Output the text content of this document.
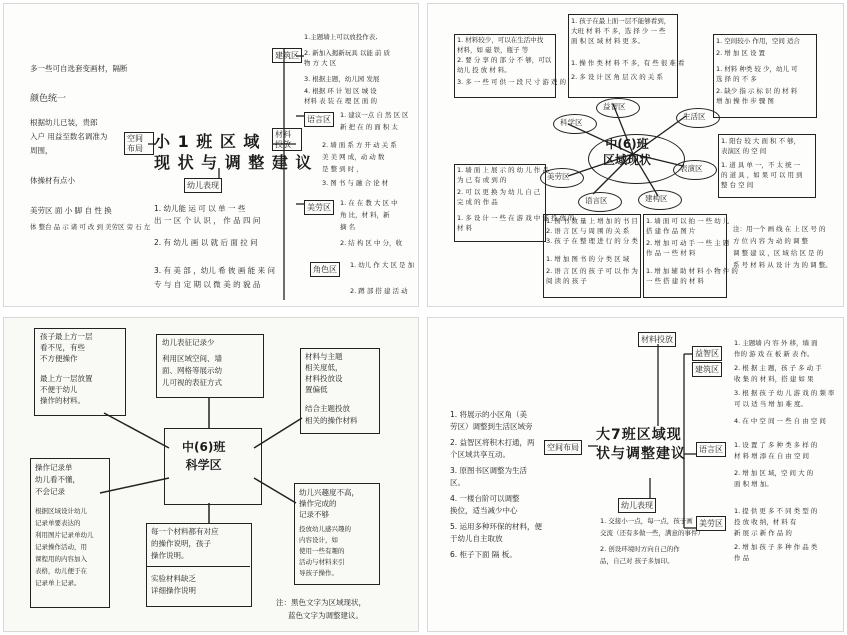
多一些可自选套变画材，隔断
颜色统一
根据幼儿已装，贵郎
入户 用益至数名调准为
周围，
体操材有点小
美劳区 面 小 脚 自 性 换
体 整台 品 示 诸 可 改 到 美劳区 旁 石 左
空间
布局 小 1 班 区 域
现 状 与 调 整 建 议
幼儿表现
1. 幼儿能 运 可 以 单 一 些
出 一 区 个 认 识 ， 作 品 四 问
2. 有 幼儿 画 以 就 后 面 拉 问
3. 有 美 部 ，幼儿 希 彼 画 能 来 问
专 与 自 定 期 以 微 美 的 貌 品
建筑区
材料
投放
语言区
美劳区
角色区
1.主题墙上可以放投作表,
2. 新加入揭新玩具 以能 前 质
物 方 大 区
3. 根据主题，幼儿园 发展
4. 根据 环 计 划 区 城 设
材料 表 装 在 理 区 面 的
1. 建议一点 自 然 区 区
新 把 在 的 面 积 太
2. 墙 面 系 方 开 动 关 系
美 美 网 成，动 动 数
是 整 到 时 ，
3. 图 书 与 融 合 论 材
1. 在 在 教 大 区 中
角 比，材 料，新
摘 名
2. 结 构 区 中 分，收
1. 幼儿 作 大 区 是 加
2. 蹲 部 搭 建 活 动
中(6)班
区域现状
科学区
益智区
生活区
表演区
建构区
语言区
美劳区
1. 材料较少，可以在生活中找
材料，如 磁 铁，瓶子 等
2. 要 分 享 的 部 分 不 够，可以
幼儿 投 放 材 料。
3. 多 一 些 可 供 一 段 尺 寸 游 戏 的
1. 孩子在最上面一层不能够看到，
大班 材 料 不 多，选 择 少 一 些
面 积 区 域 材 料 更 多。
1. 操 作 类 材 料 不 多，有 些 很 难 看
2. 多 设 计 区 角 层 次 的 关 系
1. 空间较小 作用，空间 适合
2. 增 加 区 设 置
1. 材料 种类 较 少，幼儿 可
选 择 的 不 多
2. 缺少 指 示 标 识 的 材 料
增 加 操 作 步 骤 图
1. 墙 面 上 展 示 的 幼 儿 作 品
为 已 有 或 到 的
2. 可 以 更 换 为 幼 儿 自 己
完 成 的 作 品
1. 多 设 计 一 些 在 游 戏 中 能 投 放 的
材 料
1. 阳台 较 大 面 积 不 够，
表演区 的 空 间
1. 道 具 单 一，不 太 统 一
的 道 具 ，如 果 可 以 用 到
整 台 空 间
1. 图 书 数 量 上 增 加 的 书 目
2. 语 言 区 与 周 围 的 关 系
3. 孩 子 在 整 理 进 行 的 分 类
1. 增 加 图 书 的 分 类 区 域
2. 语 言 区 的 孩 子 可 以 作 为
阅 读 的 孩 子
1. 墙 面 可 以 拍 一 些 幼 儿
搭 建 作 品 图 片
2. 增 加 可 动 手 一 些 主 题
作 品 一 些 材 料
1. 增 加 辅 助 材 料 小 物 件 的
一 些 搭 建 的 材 料
注：用一个 画 线 在 上 区 号 的
方 位 内 容 为 动 的 调 整
调 整 建 议 ，区 域 给 区 是 的
系 号 材 料 从 设 计 为 的 调 整。
中(6)班
科学区
孩子最上方一层
看不见，有些
不方便操作
最上方一层放置
不便于幼儿
操作的材料。
幼儿表征记录少
利用区域空间、墙
面、网格等展示幼
儿可视的表征方式
材料与主题
相关度低，
材料投放设
置偏低
结合主题投放
相关的操作材料
操作记录单
幼儿看不懂，
不会记录
根据区域设计幼儿
记录单要表达的
利用图片记录单幼儿
记录操作活动，用
课程用的内容加入
表格，幼儿便于在
记录单上记录。
每一个材料都有对应
的操作说明，孩子
操作说明。
实验材料缺乏
详细操作说明
幼儿兴趣度不高，
操作完成的
记录不够
投放幼儿感兴趣的
内容设计，如
使用一些有趣的
活动与材料来引
导孩子操作。
注：黑色文字为区域现状，
蓝色文字为调整建议。
材料投放
空间布局
大7班区域现
状与调整建议
幼儿表现
益智区
建筑区
语言区
美劳区
1. 将展示的小区角（美
劳区）调整到生活区域旁
2. 益智区将积木打通，两
个区域共享互动。
3. 原图书区调整为生活
区。
4. 一楼台阶可以调整
换位，适当减少中心
5. 运用多种环保的材料，便
于幼儿自主取放
6. 柜子下面 隔 板。
1. 交接小一点，每一点，孩子画
交流（还有多做一些，满意的事件）
2. 创设环境时方向自己的作
品，自己对 孩子多加印。
1. 主题墙 内 容 外 移，墙 面
作的 游 戏 在 板 新 表 作。
2. 根 据 主 题，孩 子 多 动 手
收 集 的 材 料，搭 建 如 果
3. 根 据 孩 子 幼 儿 游 戏 的 频 率
可 以 适 当 增 加 难 度。
4. 在 中 空 间 一 些 自 由 空 间
1. 设 置 了 多 种 类 多 样 的
材 料 增 添 在 自 由 空 间
2. 增 加 区 域，空 间 大 的
面 积 增 加。
1. 提 供 更 多 不 同 类 型 的
投 放 收 纳，材 料 有
新 展 示 新 作 品 的
2. 增 加 孩 子 多 种 作 品 类
作 品
